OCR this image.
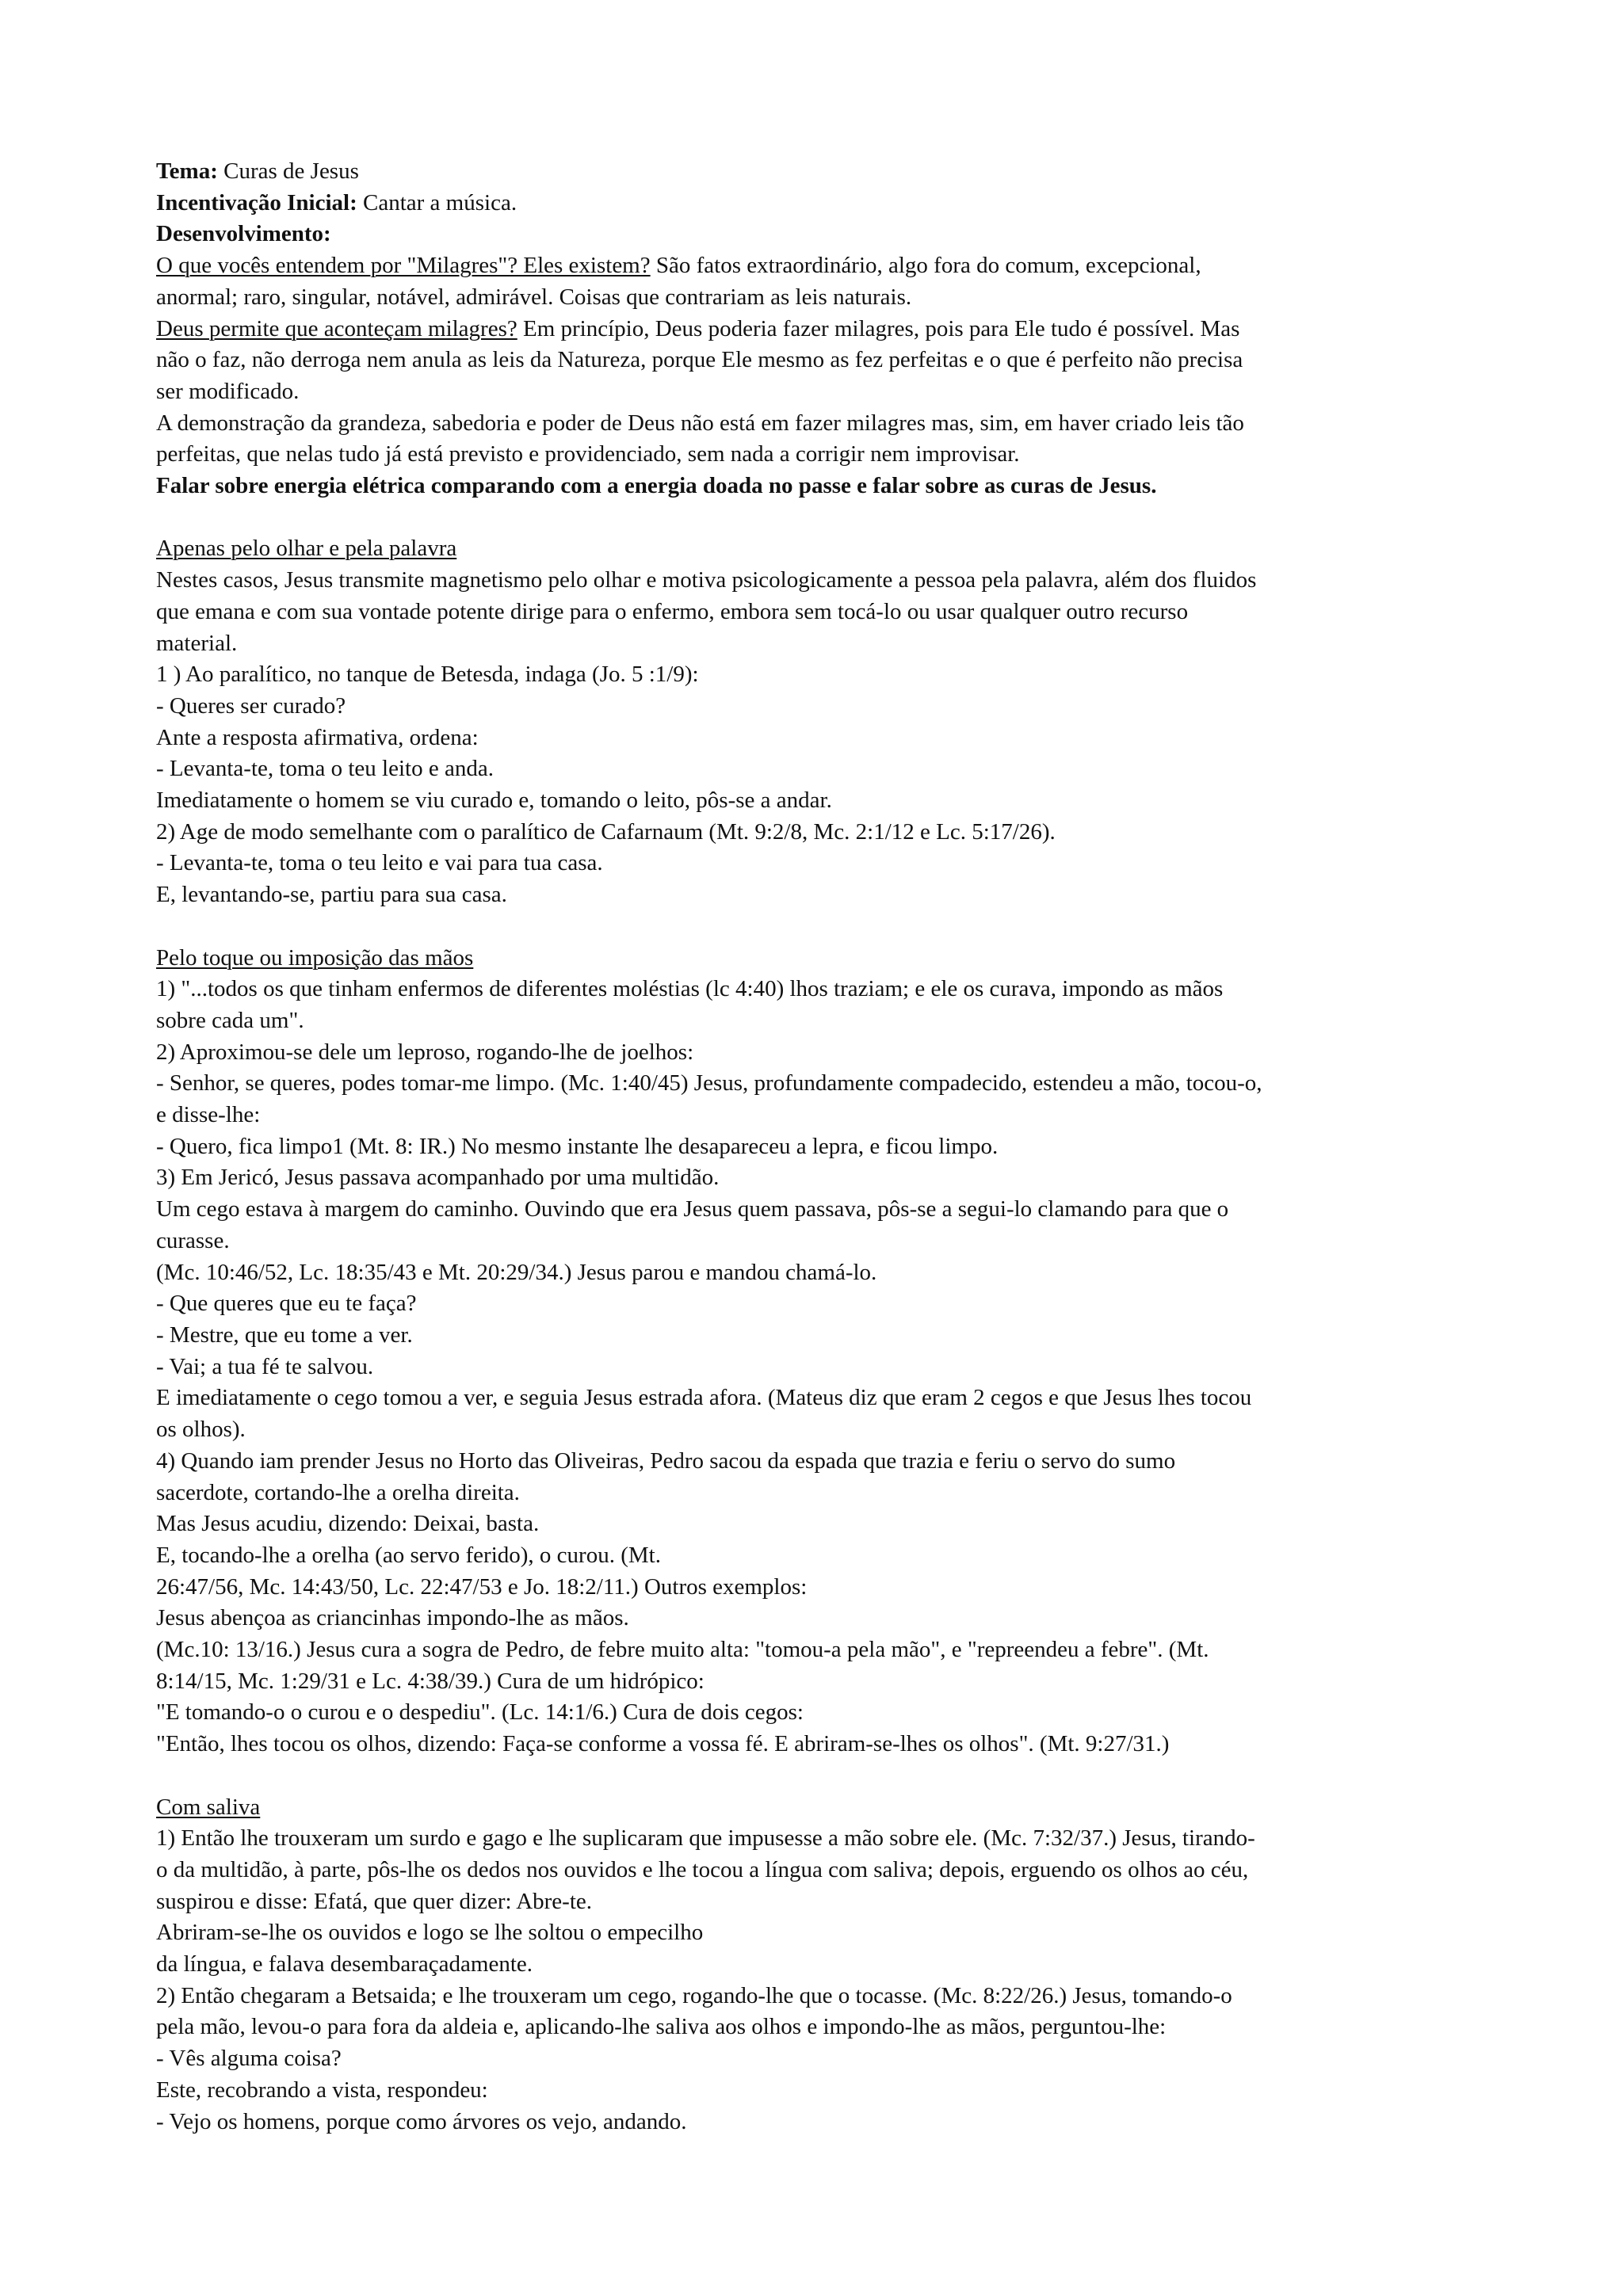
Tema: Curas de Jesus
Incentivação Inicial: Cantar a música.
Desenvolvimento:
O que vocês entendem por "Milagres"? Eles existem? São fatos extraordinário, algo fora do comum, excepcional,
anormal; raro, singular, notável, admirável. Coisas que contrariam as leis naturais.
Deus permite que aconteçam milagres? Em princípio, Deus poderia fazer milagres, pois para Ele tudo é possível. Mas
não o faz, não derroga nem anula as leis da Natureza, porque Ele mesmo as fez perfeitas e o que é perfeito não precisa
ser modificado.
A demonstração da grandeza, sabedoria e poder de Deus não está em fazer milagres mas, sim, em haver criado leis tão
perfeitas, que nelas tudo já está previsto e providenciado, sem nada a corrigir nem improvisar.
Falar sobre energia elétrica comparando com a energia doada no passe e falar sobre as curas de Jesus.
Apenas pelo olhar e pela palavra
Nestes casos, Jesus transmite magnetismo pelo olhar e motiva psicologicamente a pessoa pela palavra, além dos fluidos
que emana e com sua vontade potente dirige para o enfermo, embora sem tocá-lo ou usar qualquer outro recurso
material.
1 ) Ao paralítico, no tanque de Betesda, indaga (Jo. 5 :1/9):
- Queres ser curado?
Ante a resposta afirmativa, ordena:
- Levanta-te, toma o teu leito e anda.
Imediatamente o homem se viu curado e, tomando o leito, pôs-se a andar.
2) Age de modo semelhante com o paralítico de Cafarnaum (Mt. 9:2/8, Mc. 2:1/12 e Lc. 5:17/26).
- Levanta-te, toma o teu leito e vai para tua casa.
E, levantando-se, partiu para sua casa.
Pelo toque ou imposição das mãos
1) "...todos os que tinham enfermos de diferentes moléstias (lc 4:40) lhos traziam; e ele os curava, impondo as mãos
sobre cada um".
2) Aproximou-se dele um leproso, rogando-lhe de joelhos:
- Senhor, se queres, podes tomar-me limpo. (Mc. 1:40/45) Jesus, profundamente compadecido, estendeu a mão, tocou-o,
e disse-lhe:
- Quero, fica limpo1 (Mt. 8: IR.) No mesmo instante lhe desapareceu a lepra, e ficou limpo.
3) Em Jericó, Jesus passava acompanhado por uma multidão.
Um cego estava à margem do caminho. Ouvindo que era Jesus quem passava, pôs-se a segui-lo clamando para que o
curasse.
(Mc. 10:46/52, Lc. 18:35/43 e Mt. 20:29/34.) Jesus parou e mandou chamá-lo.
- Que queres que eu te faça?
- Mestre, que eu tome a ver.
- Vai; a tua fé te salvou.
E imediatamente o cego tomou a ver, e seguia Jesus estrada afora. (Mateus diz que eram 2 cegos e que Jesus lhes tocou
os olhos).
4) Quando iam prender Jesus no Horto das Oliveiras, Pedro sacou da espada que trazia e feriu o servo do sumo
sacerdote, cortando-lhe a orelha direita.
Mas Jesus acudiu, dizendo: Deixai, basta.
E, tocando-lhe a orelha (ao servo ferido), o curou. (Mt.
26:47/56, Mc. 14:43/50, Lc. 22:47/53 e Jo. 18:2/11.) Outros exemplos:
Jesus abençoa as criancinhas impondo-lhe as mãos.
(Mc.10: 13/16.) Jesus cura a sogra de Pedro, de febre muito alta: "tomou-a pela mão", e "repreendeu a febre". (Mt.
8:14/15, Mc. 1:29/31 e Lc. 4:38/39.) Cura de um hidrópico:
"E tomando-o o curou e o despediu". (Lc. 14:1/6.) Cura de dois cegos:
"Então, lhes tocou os olhos, dizendo: Faça-se conforme a vossa fé. E abriram-se-lhes os olhos". (Mt. 9:27/31.)
Com saliva
1) Então lhe trouxeram um surdo e gago e lhe suplicaram que impusesse a mão sobre ele. (Mc. 7:32/37.) Jesus, tirando-
o da multidão, à parte, pôs-lhe os dedos nos ouvidos e lhe tocou a língua com saliva; depois, erguendo os olhos ao céu,
suspirou e disse: Efatá, que quer dizer: Abre-te.
Abriram-se-lhe os ouvidos e logo se lhe soltou o empecilho
da língua, e falava desembaraçadamente.
2) Então chegaram a Betsaida; e lhe trouxeram um cego, rogando-lhe que o tocasse. (Mc. 8:22/26.) Jesus, tomando-o
pela mão, levou-o para fora da aldeia e, aplicando-lhe saliva aos olhos e impondo-lhe as mãos, perguntou-lhe:
- Vês alguma coisa?
Este, recobrando a vista, respondeu:
- Vejo os homens, porque como árvores os vejo, andando.
